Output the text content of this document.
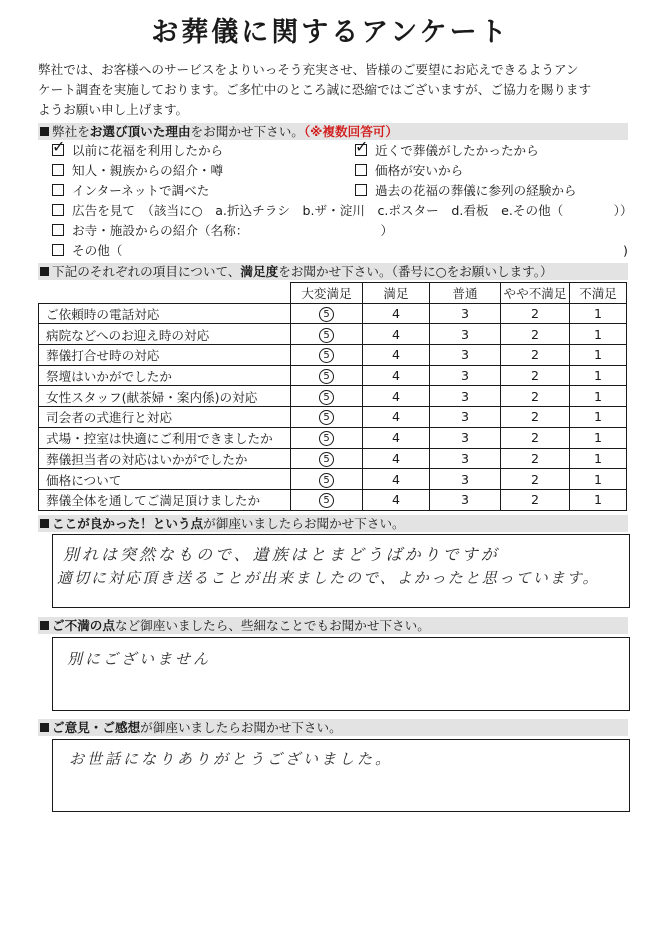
お葬儀に関するアンケート
弊社では、お客様へのサービスをよりいっそう充実させ、皆様のご要望にお応えできるようアン
ケート調査を実施しております。ご多忙中のところ誠に恐縮ではございますが、ご協力を賜ります
ようお願い申し上げます。
弊社をお選び頂いた理由をお聞かせ下さい。（※複数回答可）
✓ 以前に花福を利用したから	✓ 近くで葬儀がしたかったから
知人・親族からの紹介・噂	価格が安いから
インターネットで調べた	過去の花福の葬儀に参列の経験から
広告を見て　（該当に○　a.折込チラシ　b.ザ・淀川　c.ポスター　d.看板　e.その他（　　　　））
お寺・施設からの紹介（名称：　　　　　　　　　　　）
その他（	)
下記のそれぞれの項目について、満足度をお聞かせ下さい。（番号に○をお願いします。）
	大変満足	満足	普通	やや不満足	不満足
ご依頼時の電話対応	5	4	3	2	1
病院などへのお迎え時の対応	5	4	3	2	1
葬儀打合せ時の対応	5	4	3	2	1
祭壇はいかがでしたか	5	4	3	2	1
女性スタッフ(献茶婦・案内係)の対応	5	4	3	2	1
司会者の式進行と対応	5	4	3	2	1
式場・控室は快適にご利用できましたか	5	4	3	2	1
葬儀担当者の対応はいかがでしたか	5	4	3	2	1
価格について	5	4	3	2	1
葬儀全体を通してご満足頂けましたか	5	4	3	2	1
ここが良かった！という点が御座いましたらお聞かせ下さい。
別れは突然なもので、遺族はとまどうばかりですが
適切に対応頂き送ることが出来ましたので、よかったと思っています。
ご不満の点など御座いましたら、些細なことでもお聞かせ下さい。
別にございません
ご意見・ご感想が御座いましたらお聞かせ下さい。
お世話になりありがとうございました。
